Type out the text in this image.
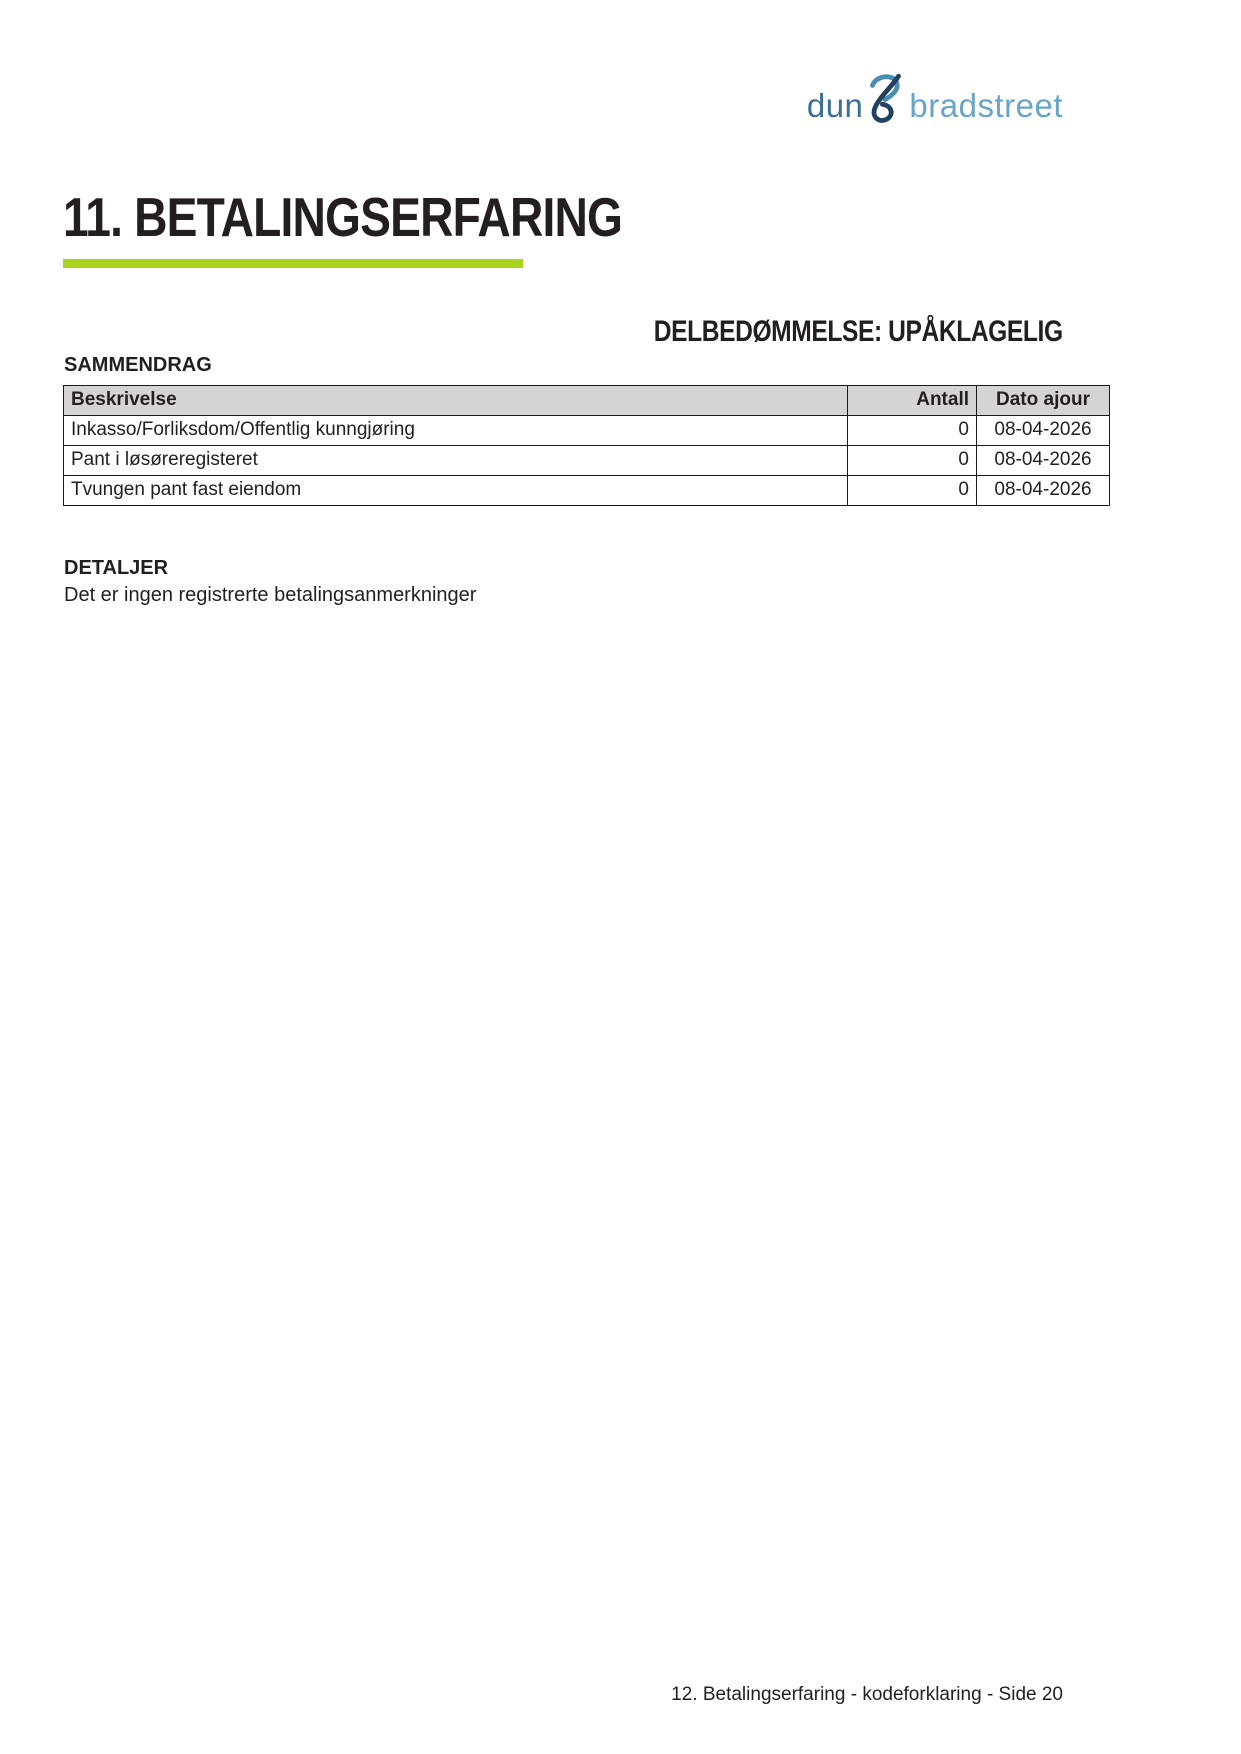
dun bradstreet
11. BETALINGSERFARING
DELBEDØMMELSE: UPÅKLAGELIG
SAMMENDRAG
Beskrivelse	Antall	Dato ajour
Inkasso/Forliksdom/Offentlig kunngjøring	0	08-04-2026
Pant i løsøreregisteret	0	08-04-2026
Tvungen pant fast eiendom	0	08-04-2026
DETALJER

Det er ingen registrerte betalingsanmerkninger

12. Betalingserfaring - kodeforklaring - Side 20
